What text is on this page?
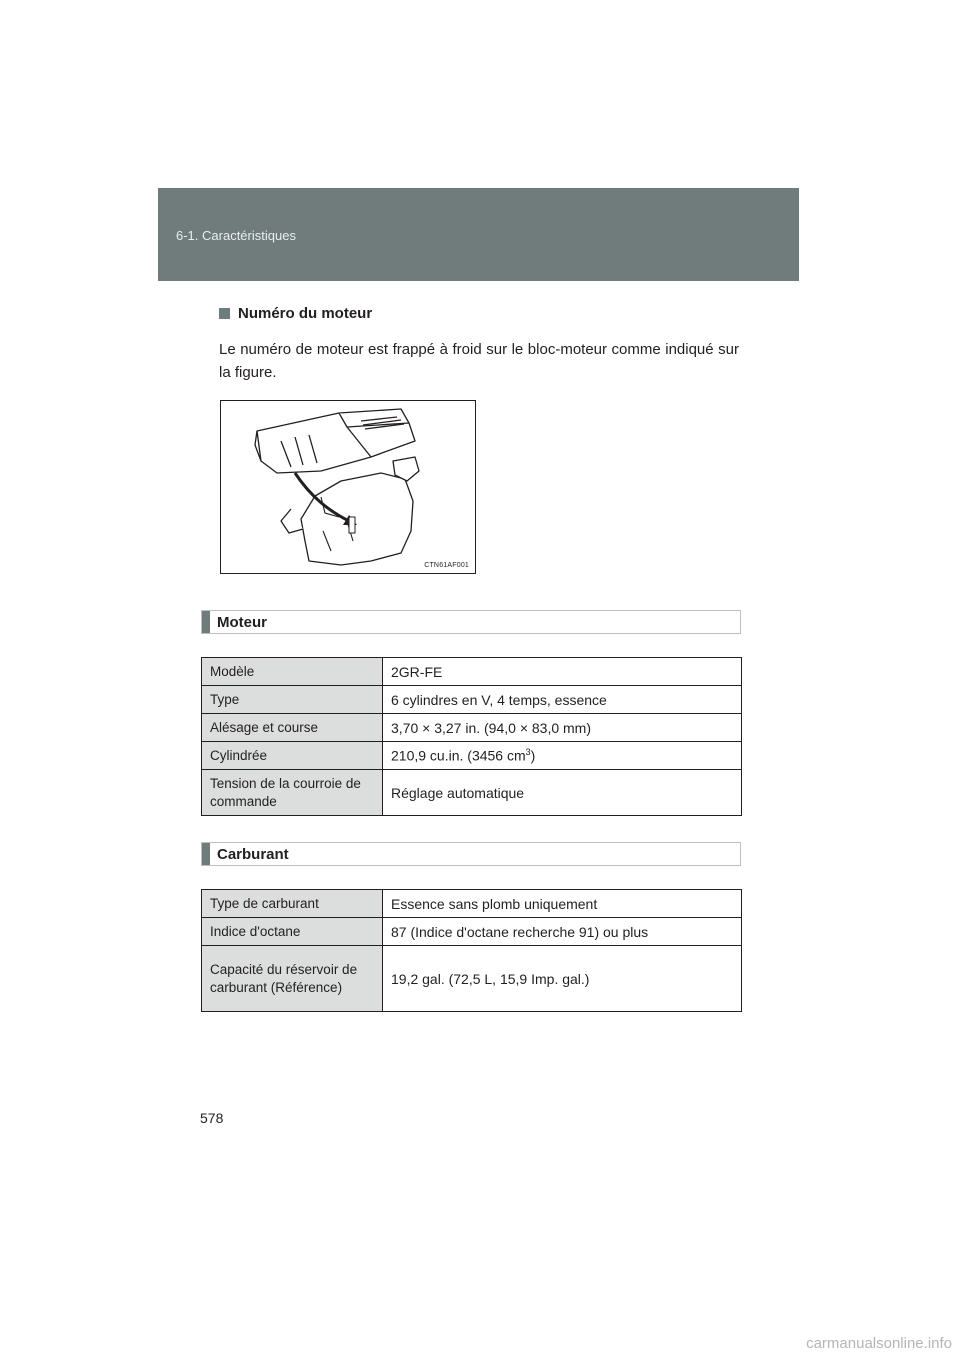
6-1. Caractéristiques
Numéro du moteur
Le numéro de moteur est frappé à froid sur le bloc-moteur comme indiqué sur la figure.
CTN61AF001
Moteur
Modèle	2GR-FE
Type	6 cylindres en V, 4 temps, essence
Alésage et course	3,70 × 3,27 in. (94,0 × 83,0 mm)
Cylindrée	210,9 cu.in. (3456 $cm^3$)
Tension de la courroie de commande	Réglage automatique
Carburant
Type de carburant	Essence sans plomb uniquement
Indice d'octane	87 (Indice d'octane recherche 91) ou plus
Capacité du réservoir de carburant (Référence)	19,2 gal. (72,5 L, 15,9 Imp. gal.)
578
carmanualsonline.info
